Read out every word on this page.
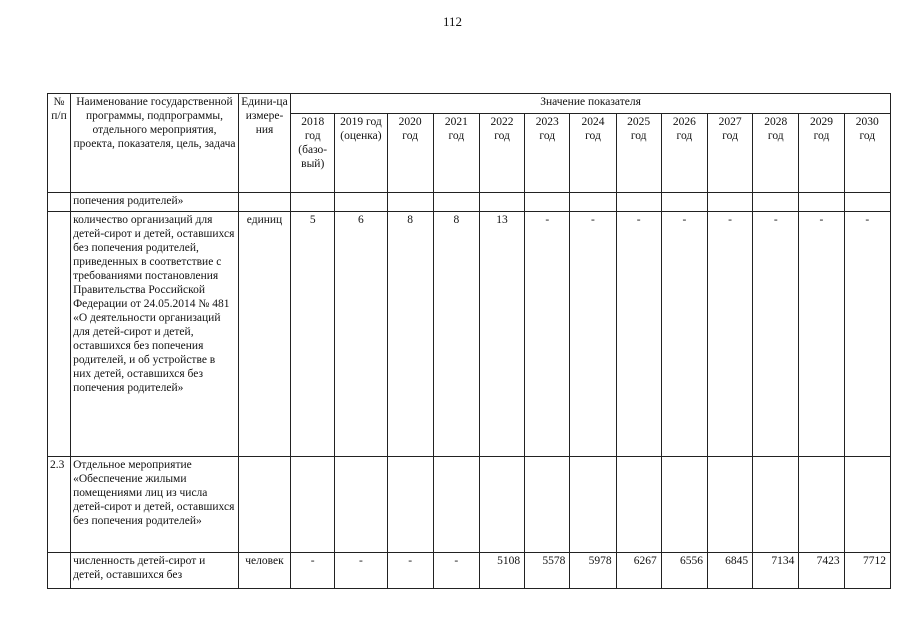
112
№ п/п	Наименование государственной программы, подпрограммы, отдельного мероприятия, проекта, показателя, цель, задача	Едини-ца измере-ния	Значение показателя												

			2018 год (базо-вый)	2019 год (оценка)	2020 год	2021 год	2022 год	2023 год	2024 год	2025 год	2026 год	2027 год	2028 год	2029 год	2030 год

	попечения родителей»														
	количество организаций для детей-сирот и детей, оставшихся без попечения родителей, приведенных в соответствие с требованиями постановления Правительства Российской Федерации от 24.05.2014 № 481 «О деятельности организаций для детей-сирот и детей, оставшихся без попечения родителей, и об устройстве в них детей, оставшихся без попечения родителей»	единиц	5	6	8	8	13	-	-	-	-	-	-	-	-
2.3	Отдельное мероприятие «Обеспечение жилыми помещениями лиц из числа детей-сирот и детей, оставшихся без попечения родителей»														
	численность детей-сирот и детей, оставшихся без	человек	-	-	-	-	5108	5578	5978	6267	6556	6845	7134	7423	7712
